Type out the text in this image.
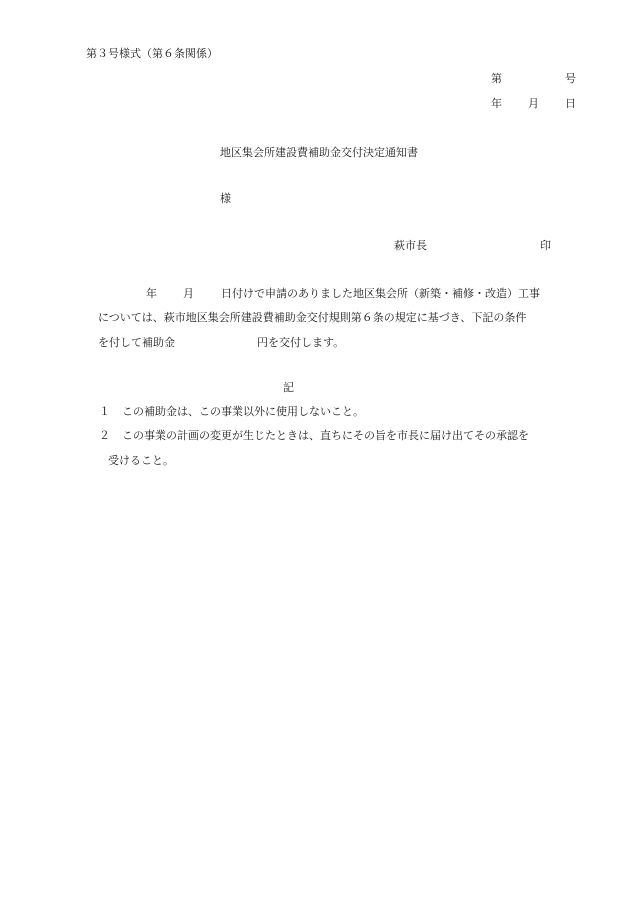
第３号様式（第６条関係）
第	号
年 月 日
地区集会所建設費補助金交付決定通知書
様
萩市長	印
年 月 日付けで申請のありました地区集会所（新築・補修・改造）工事
については、萩市地区集会所建設費補助金交付規則第６条の規定に基づき、下記の条件
を付して補助金	円を交付します。
記
１ この補助金は、この事業以外に使用しないこと。
２ この事業の計画の変更が生じたときは、直ちにその旨を市長に届け出てその承認を
受けること。
